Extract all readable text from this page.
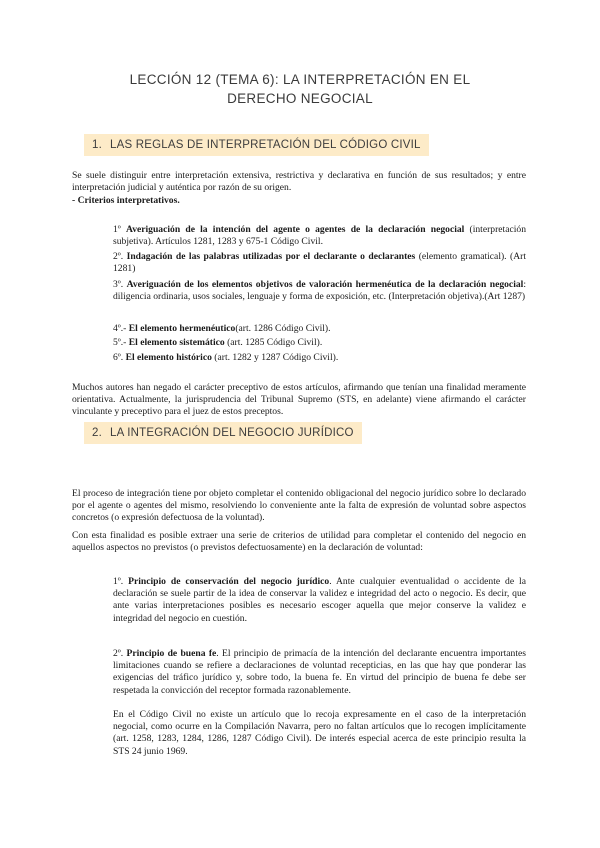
LECCIÓN 12 (TEMA 6): LA INTERPRETACIÓN EN EL DERECHO NEGOCIAL
1. LAS REGLAS DE INTERPRETACIÓN DEL CÓDIGO CIVIL

Se suele distinguir entre interpretación extensiva, restrictiva y declarativa en función de sus resultados; y entre interpretación judicial y auténtica por razón de su origen.

- Criterios interpretativos.

1º Averiguación de la intención del agente o agentes de la declaración negocial (interpretación subjetiva). Artículos 1281, 1283 y 675-1 Código Civil.

2º. Indagación de las palabras utilizadas por el declarante o declarantes (elemento gramatical). (Art 1281)

3º. Averiguación de los elementos objetivos de valoración hermenéutica de la declaración negocial: diligencia ordinaria, usos sociales, lenguaje y forma de exposición, etc. (Interpretación objetiva).(Art 1287)

4º.- El elemento hermenéutico(art. 1286 Código Civil).

5º.- El elemento sistemático (art. 1285 Código Civil).

6º. El elemento histórico (art. 1282 y 1287 Código Civil).

Muchos autores han negado el carácter preceptivo de estos artículos, afirmando que tenían una finalidad meramente orientativa. Actualmente, la jurisprudencia del Tribunal Supremo (STS, en adelante) viene afirmando el carácter vinculante y preceptivo para el juez de estos preceptos.

2. LA INTEGRACIÓN DEL NEGOCIO JURÍDICO

El proceso de integración tiene por objeto completar el contenido obligacional del negocio jurídico sobre lo declarado por el agente o agentes del mismo, resolviendo lo conveniente ante la falta de expresión de voluntad sobre aspectos concretos (o expresión defectuosa de la voluntad).

Con esta finalidad es posible extraer una serie de criterios de utilidad para completar el contenido del negocio en aquellos aspectos no previstos (o previstos defectuosamente) en la declaración de voluntad:

1º. Principio de conservación del negocio jurídico. Ante cualquier eventualidad o accidente de la declaración se suele partir de la idea de conservar la validez e integridad del acto o negocio. Es decir, que ante varias interpretaciones posibles es necesario escoger aquella que mejor conserve la validez e integridad del negocio en cuestión.

2º. Principio de buena fe. El principio de primacía de la intención del declarante encuentra importantes limitaciones cuando se refiere a declaraciones de voluntad recepticias, en las que hay que ponderar las exigencias del tráfico jurídico y, sobre todo, la buena fe. En virtud del principio de buena fe debe ser respetada la convicción del receptor formada razonablemente.

En el Código Civil no existe un artículo que lo recoja expresamente en el caso de la interpretación negocial, como ocurre en la Compilación Navarra, pero no faltan artículos que lo recogen implícitamente (art. 1258, 1283, 1284, 1286, 1287 Código Civil). De interés especial acerca de este principio resulta la STS 24 junio 1969.
